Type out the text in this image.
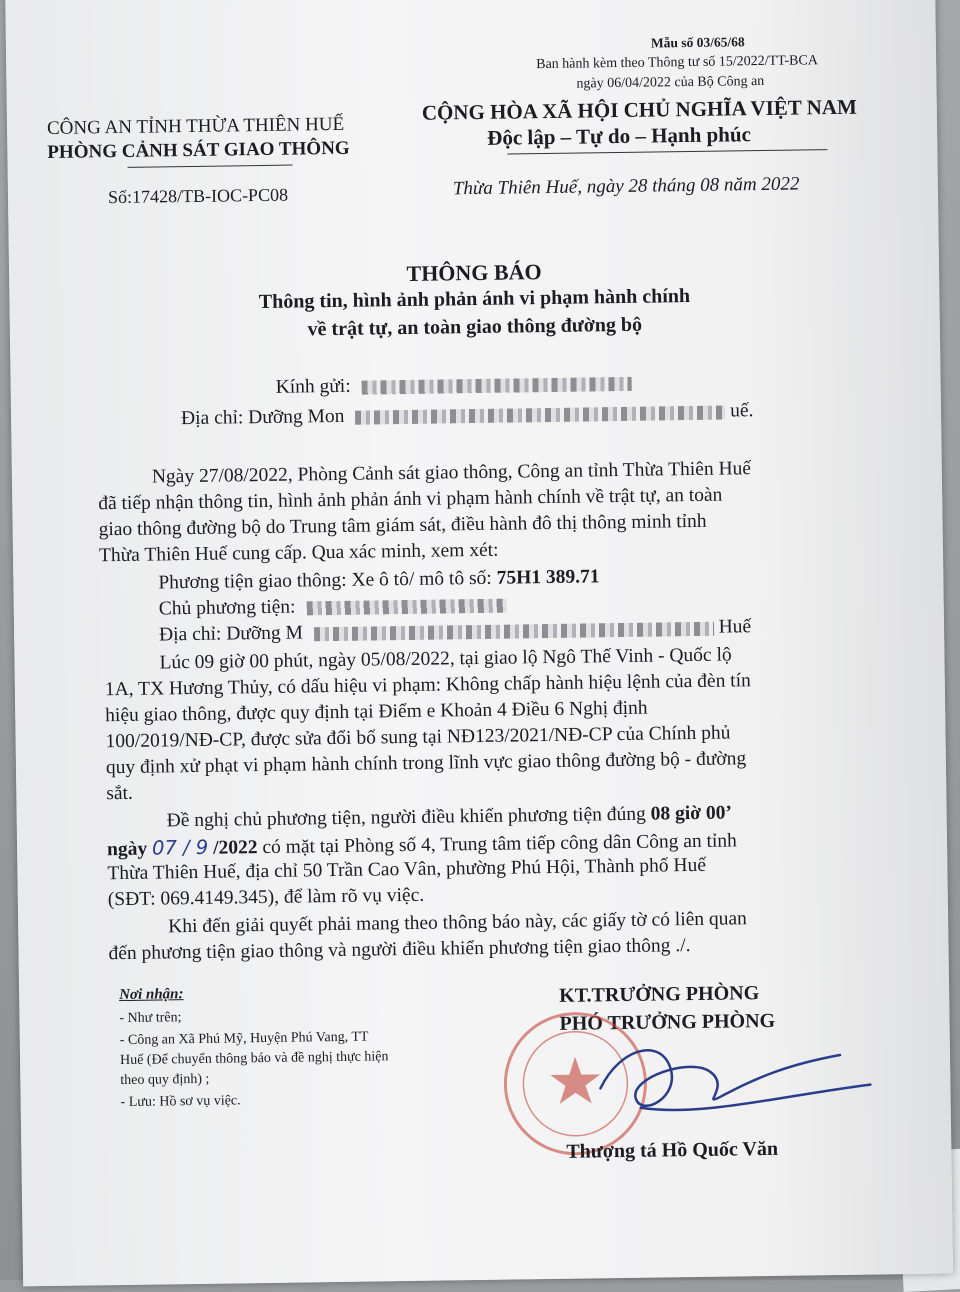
Mẫu số 03/65/68
Ban hành kèm theo Thông tư số 15/2022/TT-BCA
ngày 06/04/2022 của Bộ Công an
CÔNG AN TỈNH THỪA THIÊN HUẾ
PHÒNG CẢNH SÁT GIAO THÔNG
CỘNG HÒA XÃ HỘI CHỦ NGHĨA VIỆT NAM
Độc lập – Tự do – Hạnh phúc
Số:17428/TB-IOC-PC08	Thừa Thiên Huế, ngày 28 tháng 08 năm 2022
THÔNG BÁO
Thông tin, hình ảnh phản ánh vi phạm hành chính
về trật tự, an toàn giao thông đường bộ
Kính gửi:
Địa chỉ: Dưỡng Mon	uế.
Ngày 27/08/2022, Phòng Cảnh sát giao thông, Công an tỉnh Thừa Thiên Huế
đã tiếp nhận thông tin, hình ảnh phản ánh vi phạm hành chính về trật tự, an toàn
giao thông đường bộ do Trung tâm giám sát, điều hành đô thị thông minh tỉnh
Thừa Thiên Huế cung cấp. Qua xác minh, xem xét:
Phương tiện giao thông: Xe ô tô/ mô tô số: 75H1 389.71
Chủ phương tiện:
Địa chỉ: Dưỡng M	Huế
Lúc 09 giờ 00 phút, ngày 05/08/2022, tại giao lộ Ngô Thế Vinh - Quốc lộ
1A, TX Hương Thủy, có dấu hiệu vi phạm: Không chấp hành hiệu lệnh của đèn tín
hiệu giao thông, được quy định tại Điểm e Khoản 4 Điều 6 Nghị định
100/2019/NĐ-CP, được sửa đổi bổ sung tại NĐ123/2021/NĐ-CP của Chính phủ
quy định xử phạt vi phạm hành chính trong lĩnh vực giao thông đường bộ - đường
sắt.
Đề nghị chủ phương tiện, người điều khiển phương tiện đúng 08 giờ 00’
ngày 07 / 9 /2022 có mặt tại Phòng số 4, Trung tâm tiếp công dân Công an tỉnh
Thừa Thiên Huế, địa chỉ 50 Trần Cao Vân, phường Phú Hội, Thành phố Huế
(SĐT: 069.4149.345), để làm rõ vụ việc.
Khi đến giải quyết phải mang theo thông báo này, các giấy tờ có liên quan
đến phương tiện giao thông và người điều khiển phương tiện giao thông ./.
Nơi nhận:
- Như trên;
- Công an Xã Phú Mỹ, Huyện Phú Vang, TT
Huế (Để chuyển thông báo và đề nghị thực hiện
theo quy định) ;
- Lưu: Hồ sơ vụ việc.
KT.TRƯỞNG PHÒNG
PHÓ TRƯỞNG PHÒNG
Thượng tá Hồ Quốc Văn
